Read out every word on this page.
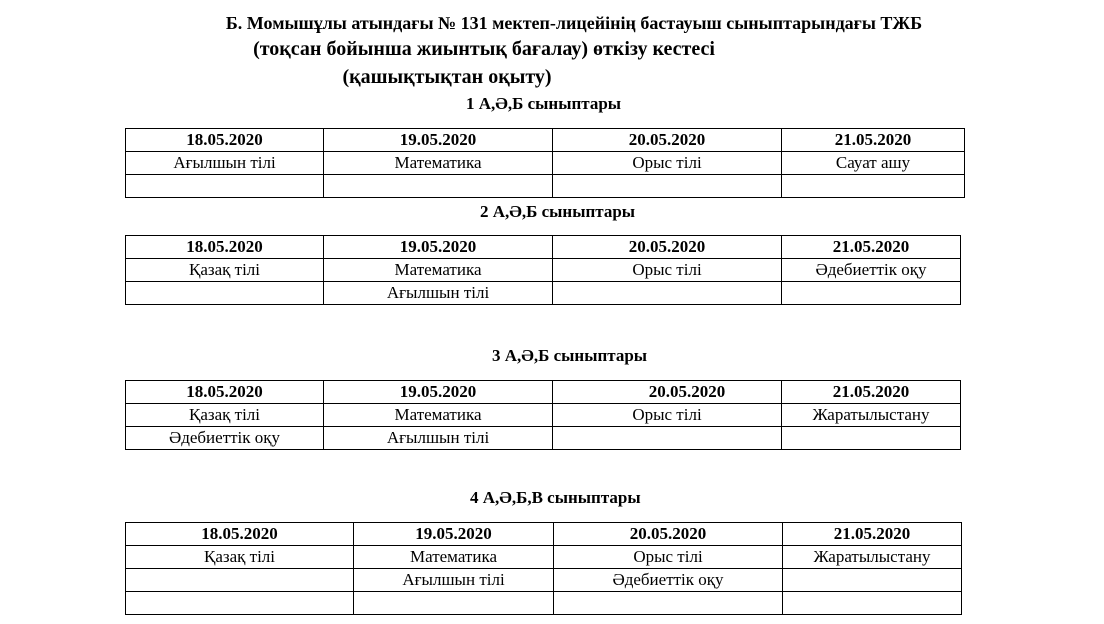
Б. Момышұлы атындағы № 131 мектеп-лицейінің бастауыш сыныптарындағы ТЖБ
(тоқсан бойынша жиынтық бағалау) өткізу кестесі
(қашықтықтан оқыту)
1 А,Ә,Б сыныптары
18.05.2020	19.05.2020	20.05.2020	21.05.2020
Ағылшын тілі	Математика	Орыс тілі	Сауат ашу

2 А,Ә,Б сыныптары
18.05.2020	19.05.2020	20.05.2020	21.05.2020
Қазақ тілі	Математика	Орыс тілі	Әдебиеттік оқу
	Ағылшын тілі		
3 А,Ә,Б сыныптары
18.05.2020	19.05.2020	20.05.2020	21.05.2020
Қазақ тілі	Математика	Орыс тілі	Жаратылыстану
Әдебиеттік оқу	Ағылшын тілі		
4 А,Ә,Б,В сыныптары
18.05.2020	19.05.2020	20.05.2020	21.05.2020
Қазақ тілі	Математика	Орыс тілі	Жаратылыстану
	Ағылшын тілі	Әдебиеттік оқу	
